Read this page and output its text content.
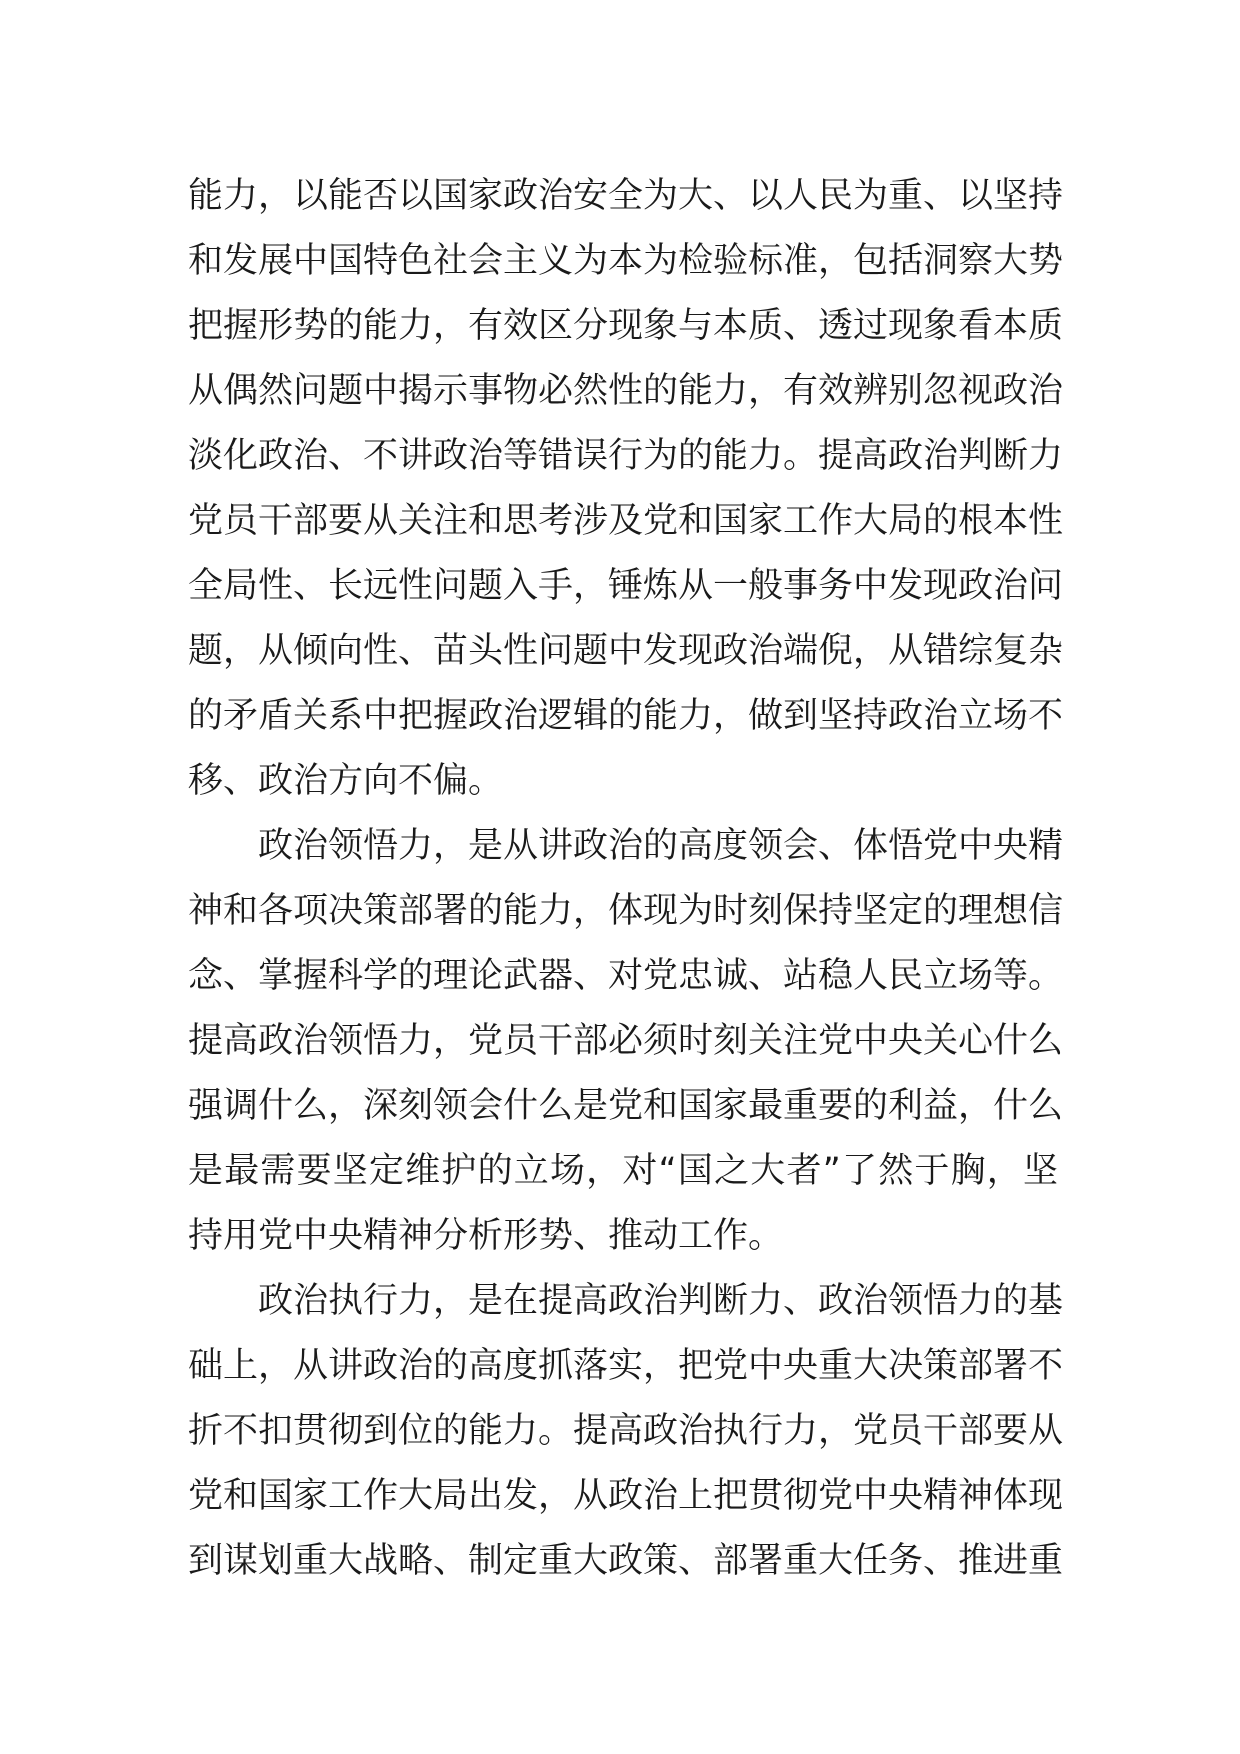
能力，以能否以国家政治安全为大、以人民为重、以坚持
和发展中国特色社会主义为本为检验标准，包括洞察大势
把握形势的能力，有效区分现象与本质、透过现象看本质
从偶然问题中揭示事物必然性的能力，有效辨别忽视政治
淡化政治、不讲政治等错误行为的能力。提高政治判断力
党员干部要从关注和思考涉及党和国家工作大局的根本性
全局性、长远性问题入手，锤炼从一般事务中发现政治问
题，从倾向性、苗头性问题中发现政治端倪，从错综复杂
的矛盾关系中把握政治逻辑的能力，做到坚持政治立场不
移、政治方向不偏。
政治领悟力，是从讲政治的高度领会、体悟党中央精
神和各项决策部署的能力，体现为时刻保持坚定的理想信
念、掌握科学的理论武器、对党忠诚、站稳人民立场等。
提高政治领悟力，党员干部必须时刻关注党中央关心什么
强调什么，深刻领会什么是党和国家最重要的利益，什么
是最需要坚定维护的立场，对“国之大者”了然于胸，坚
持用党中央精神分析形势、推动工作。
政治执行力，是在提高政治判断力、政治领悟力的基
础上，从讲政治的高度抓落实，把党中央重大决策部署不
折不扣贯彻到位的能力。提高政治执行力，党员干部要从
党和国家工作大局出发，从政治上把贯彻党中央精神体现
到谋划重大战略、制定重大政策、部署重大任务、推进重
